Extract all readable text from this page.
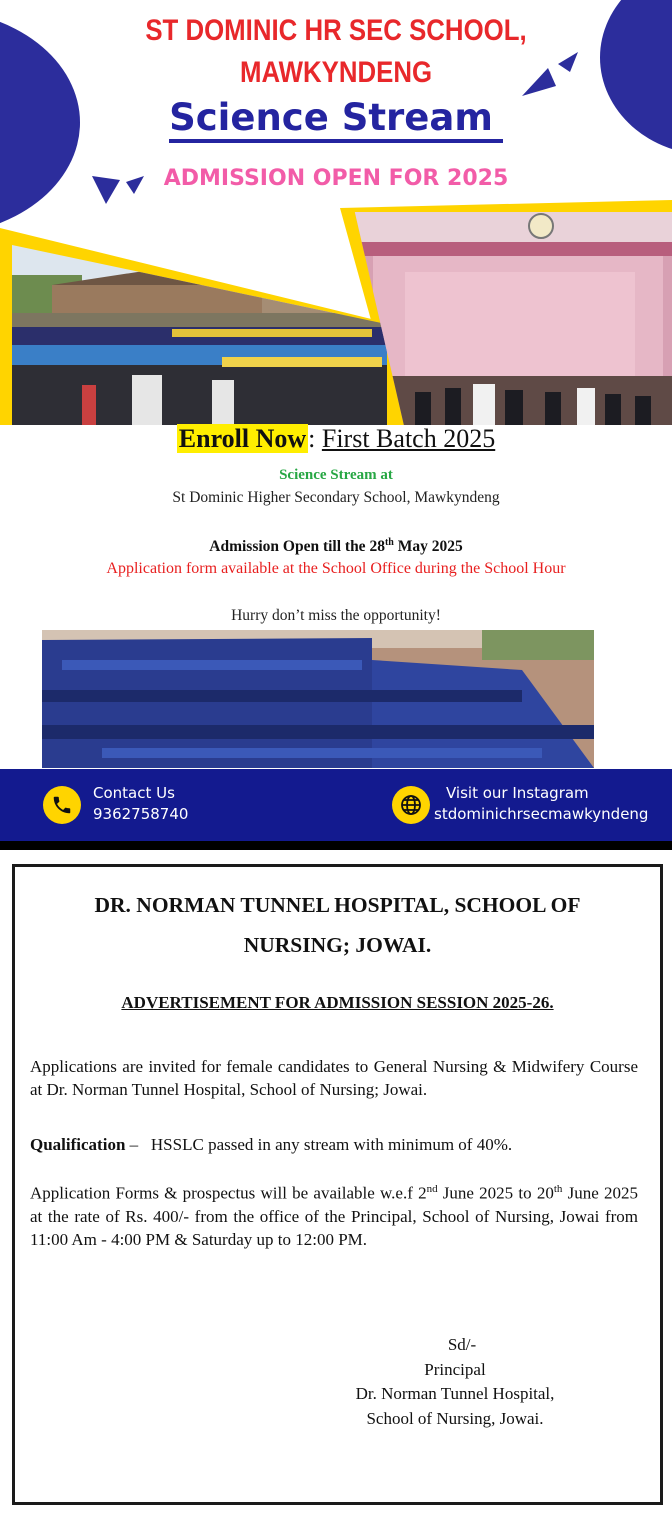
ST DOMINIC HR SEC SCHOOL,
MAWKYNDENG
Science Stream
ADMISSION OPEN FOR 2025
Enroll Now: First Batch 2025
Science Stream at
St Dominic Higher Secondary School, Mawkyndeng
Admission Open till the 28th May 2025
Application form available at the School Office during the School Hour
Hurry don’t miss the opportunity!
Contact Us
9362758740
Visit our Instagram
stdominichrsecmawkyndeng
DR. NORMAN TUNNEL HOSPITAL, SCHOOL OF
NURSING; JOWAI.
ADVERTISEMENT FOR ADMISSION SESSION 2025-26.
Applications are invited for female candidates to General Nursing & Midwifery Course at Dr. Norman Tunnel Hospital, School of Nursing; Jowai.
Qualification –   HSSLC passed in any stream with minimum of 40%.
Application Forms & prospectus will be available w.e.f 2nd June 2025 to 20th June 2025 at the rate of Rs. 400/- from the office of the Principal, School of Nursing, Jowai from 11:00 Am - 4:00 PM & Saturday up to 12:00 PM.
Sd/-
Principal
Dr. Norman Tunnel Hospital,
School of Nursing, Jowai.
